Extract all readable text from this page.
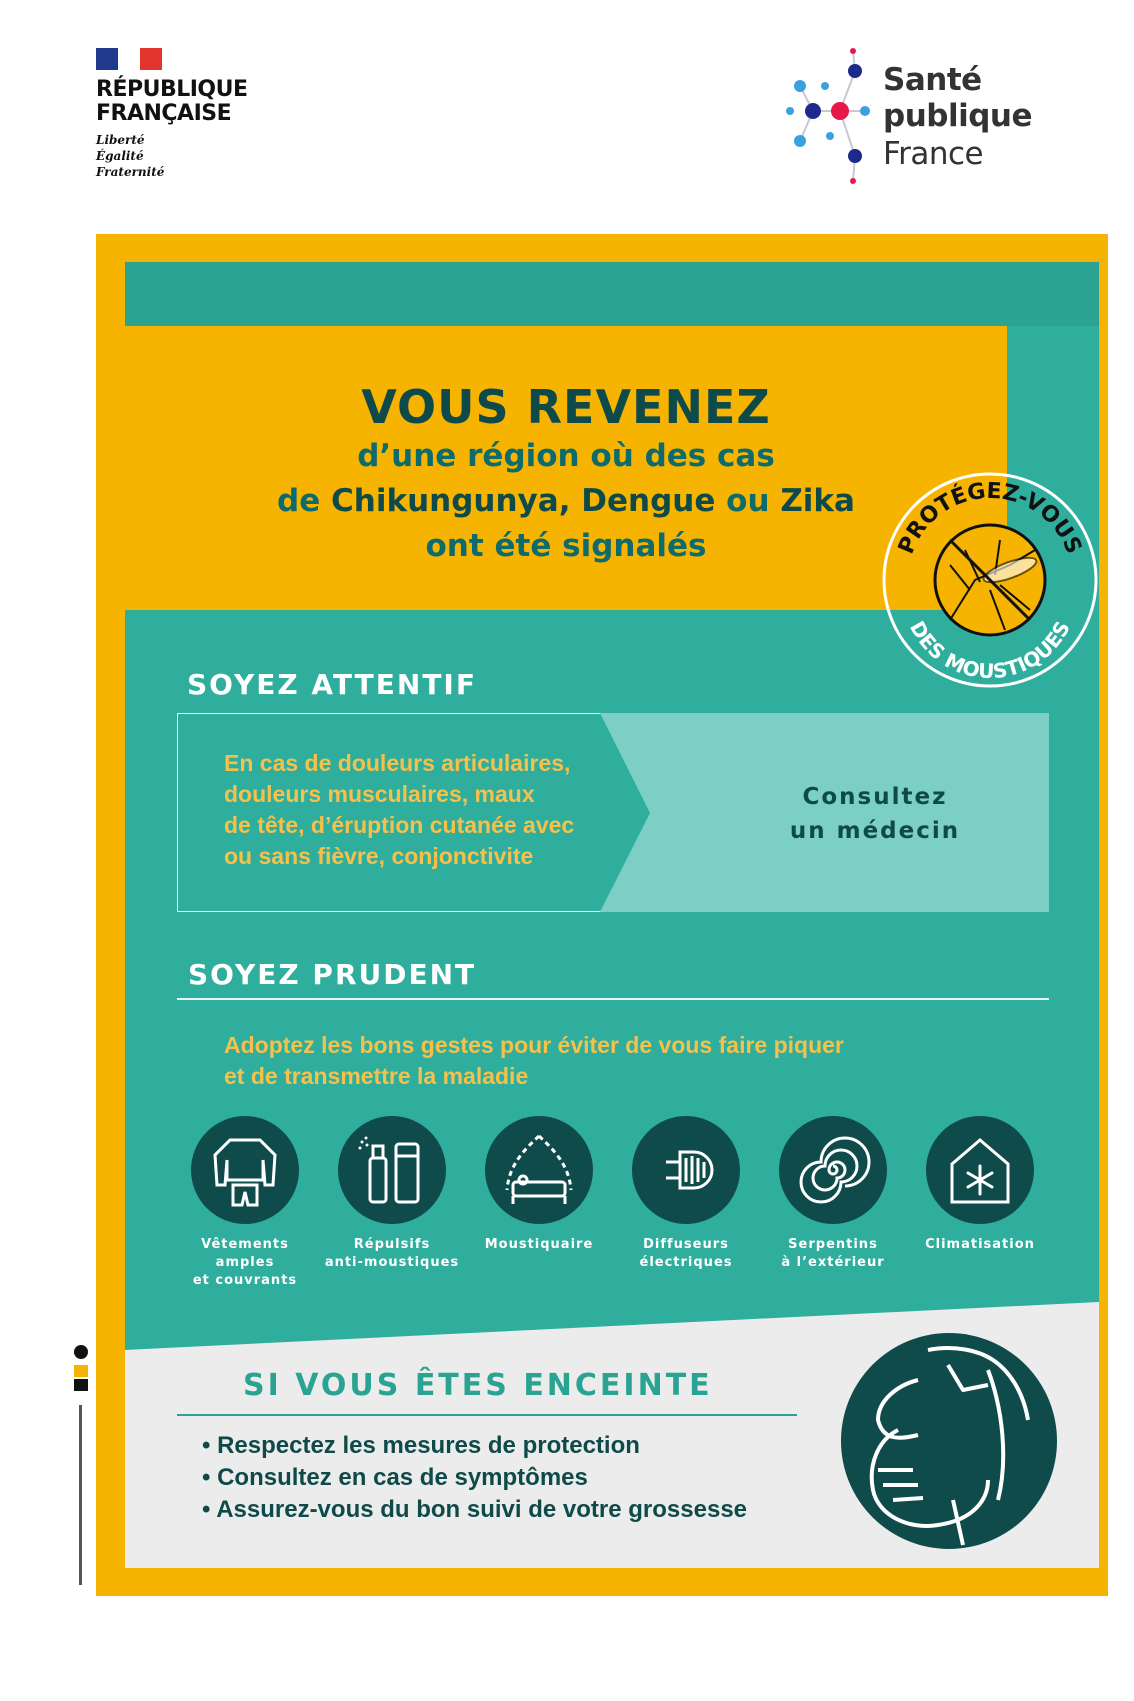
RÉPUBLIQUE
FRANÇAISE
Liberté
Égalité
Fraternité
Santé
publique
France
VOUS REVENEZ
d’une région où des cas
de Chikungunya, Dengue ou Zika
ont été signalés	PROTÉGEZ-VOUS
DES MOUSTIQUES
SOYEZ ATTENTIF
En cas de douleurs articulaires,
douleurs musculaires, maux
de tête, d’éruption cutanée avec
ou sans fièvre, conjonctivite
Consultez
un médecin
SOYEZ PRUDENT
Adoptez les bons gestes pour éviter de vous faire piquer
et de transmettre la maladie
Vêtements
amples
et couvrants
Répulsifs
anti-moustiques
Moustiquaire	Diffuseurs
électriques
Serpentins
à l’extérieur
Climatisation
SI VOUS ÊTES ENCEINTE
• Respectez les mesures de protection
• Consultez en cas de symptômes
• Assurez-vous du bon suivi de votre grossesse
